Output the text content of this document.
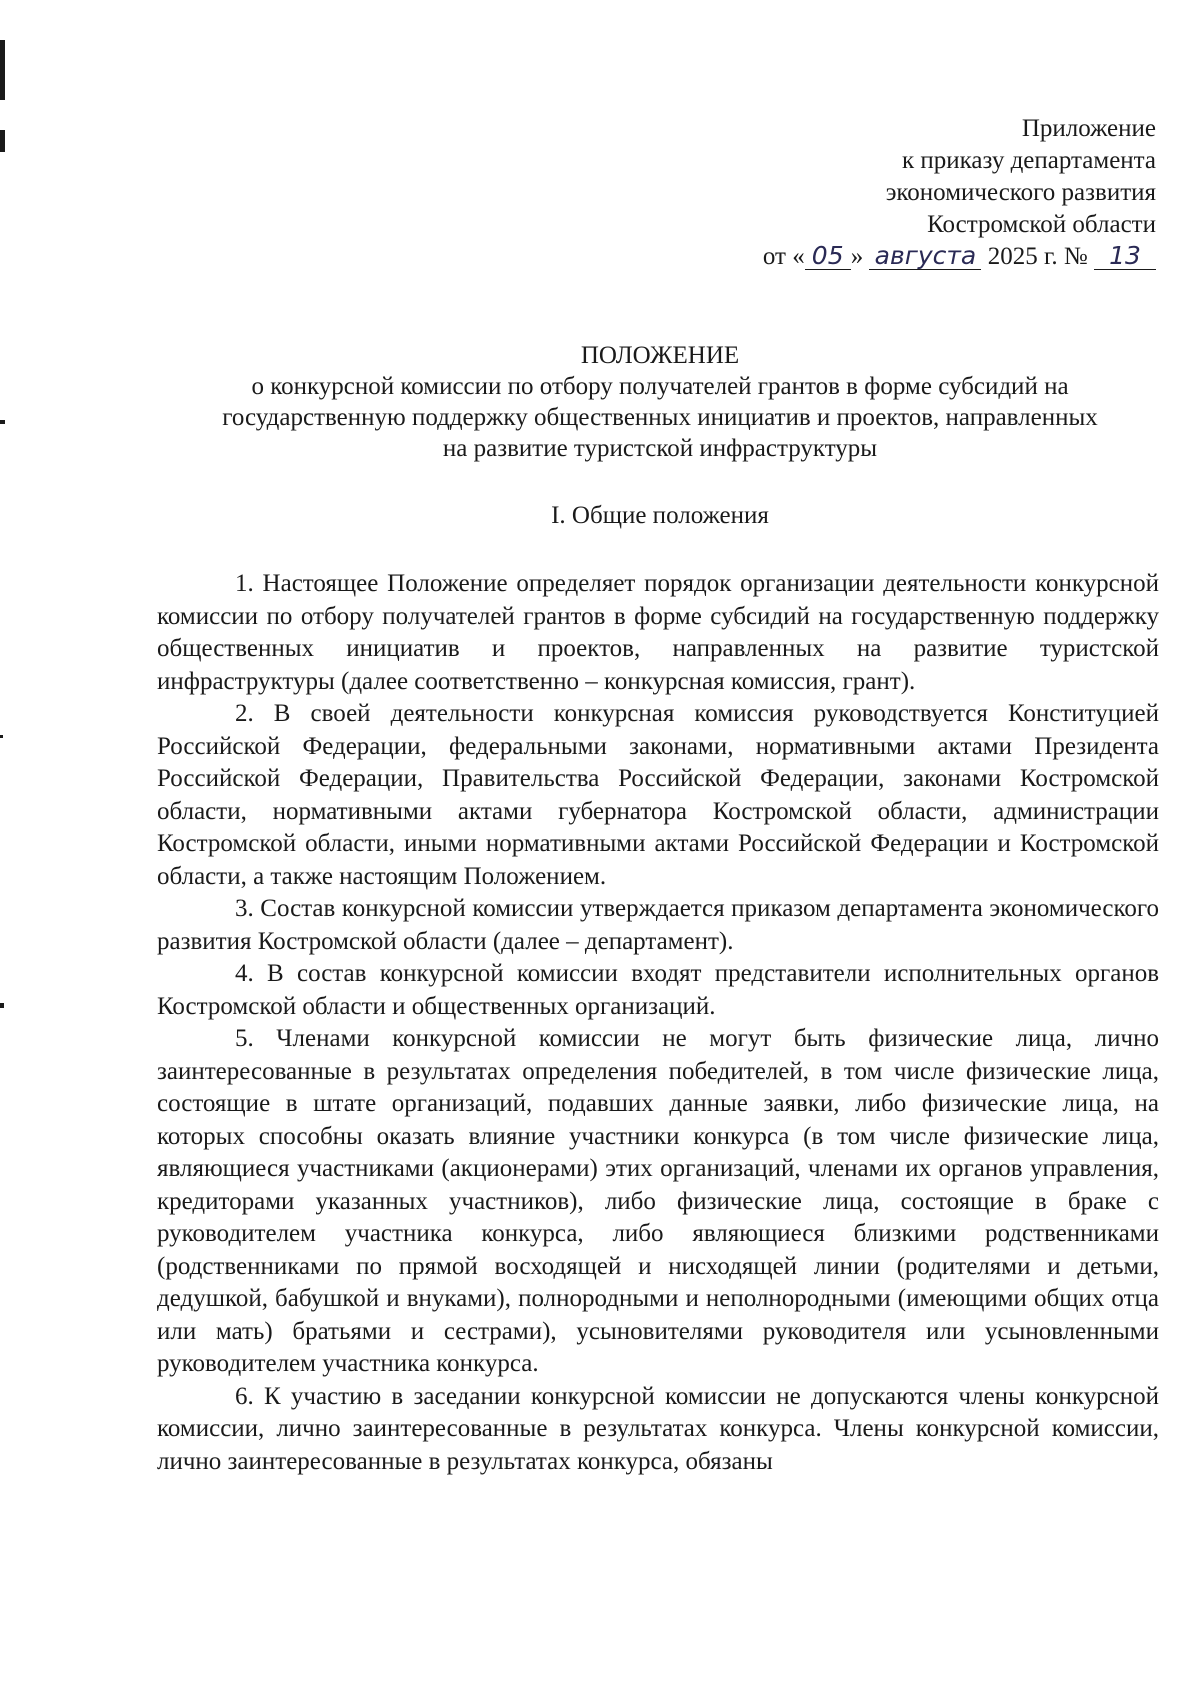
Приложение
к приказу департамента
экономического развития
Костромской области
от « 05 » августа 2025 г. № 13
ПОЛОЖЕНИЕ
о конкурсной комиссии по отбору получателей грантов в форме субсидий на
государственную поддержку общественных инициатив и проектов, направленных
на развитие туристской инфраструктуры
I. Общие положения

1. Настоящее Положение определяет порядок организации деятельности конкурсной комиссии по отбору получателей грантов в форме субсидий на государственную поддержку общественных инициатив и проектов, направленных на развитие туристской инфраструктуры (далее соответственно – конкурсная комиссия, грант).

2. В своей деятельности конкурсная комиссия руководствуется Конституцией Российской Федерации, федеральными законами, нормативными актами Президента Российской Федерации, Правительства Российской Федерации, законами Костромской области, нормативными актами губернатора Костромской области, администрации Костромской области, иными нормативными актами Российской Федерации и Костромской области, а также настоящим Положением.

3. Состав конкурсной комиссии утверждается приказом департамента экономического развития Костромской области (далее – департамент).

4. В состав конкурсной комиссии входят представители исполнительных органов Костромской области и общественных организаций.

5. Членами конкурсной комиссии не могут быть физические лица, лично заинтересованные в результатах определения победителей, в том числе физические лица, состоящие в штате организаций, подавших данные заявки, либо физические лица, на которых способны оказать влияние участники конкурса (в том числе физические лица, являющиеся участниками (акционерами) этих организаций, членами их органов управления, кредиторами указанных участников), либо физические лица, состоящие в браке с руководителем участника конкурса, либо являющиеся близкими родственниками (родственниками по прямой восходящей и нисходящей линии (родителями и детьми, дедушкой, бабушкой и внуками), полнородными и неполнородными (имеющими общих отца или мать) братьями и сестрами), усыновителями руководителя или усыновленными руководителем участника конкурса.

6. К участию в заседании конкурсной комиссии не допускаются члены конкурсной комиссии, лично заинтересованные в результатах конкурса. Члены конкурсной комиссии, лично заинтересованные в результатах конкурса, обязаны
